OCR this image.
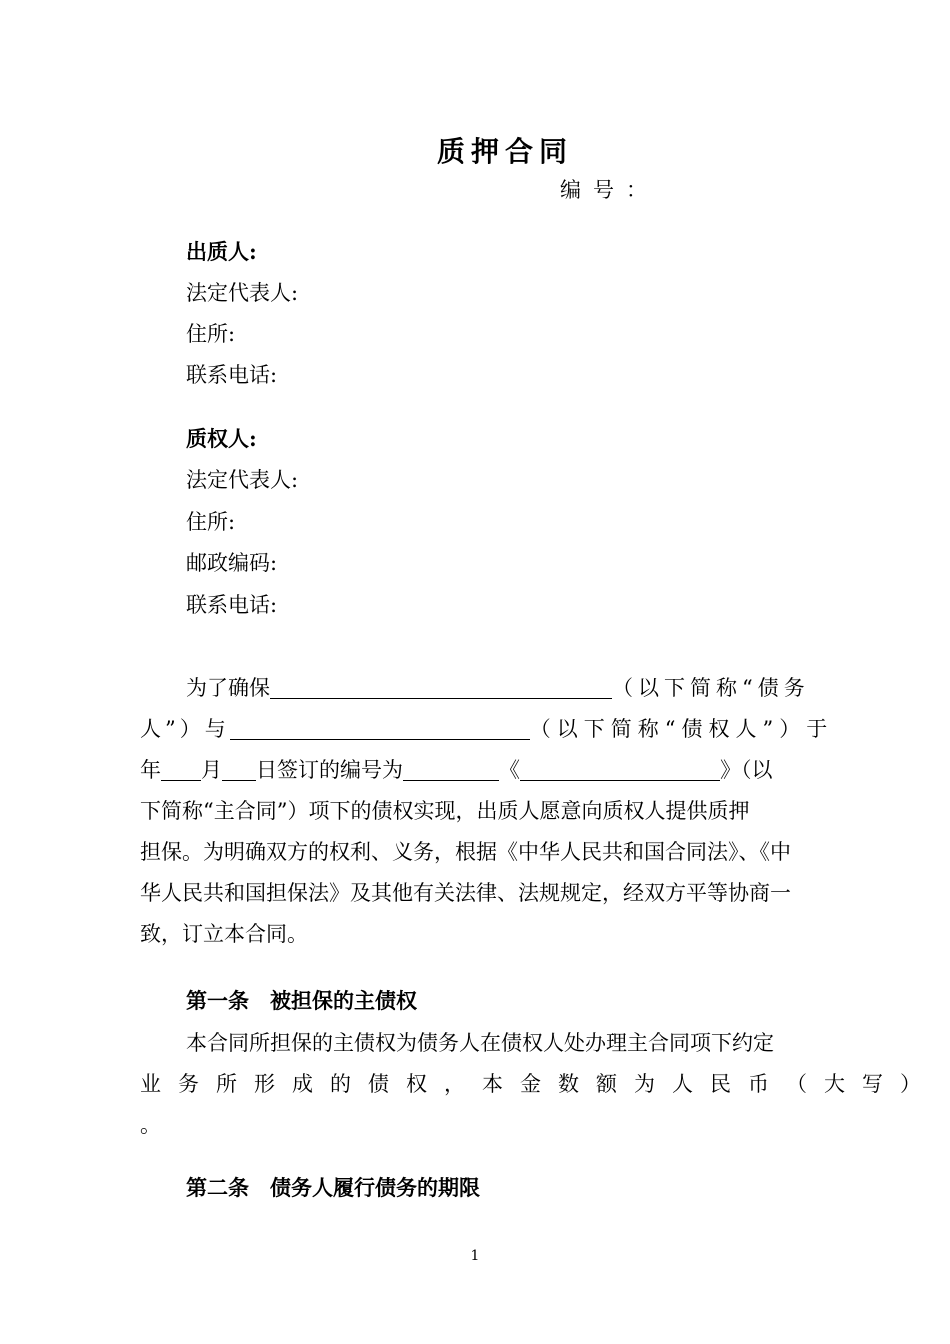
质押合同
编号：
出质人:
法定代表人:
住所:
联系电话:
质权人:
法定代表人:
住所:
邮政编码:
联系电话:
为了确保	（以下简称“债务
人”）与	（以下简称“债权人”）于
年 月 日签订的编号为	《	》（以
下简称“主合同”）项下的债权实现，出质人愿意向质权人提供质押
担保。为明确双方的权利、义务，根据《中华人民共和国合同法》、《中
华人民共和国担保法》及其他有关法律、法规规定，经双方平等协商一
致，订立本合同。
第一条　被担保的主债权
本合同所担保的主债权为债务人在债权人处办理主合同项下约定
业务所形成的债权，本金数额为人民币（大写）
。
第二条　债务人履行债务的期限
1
